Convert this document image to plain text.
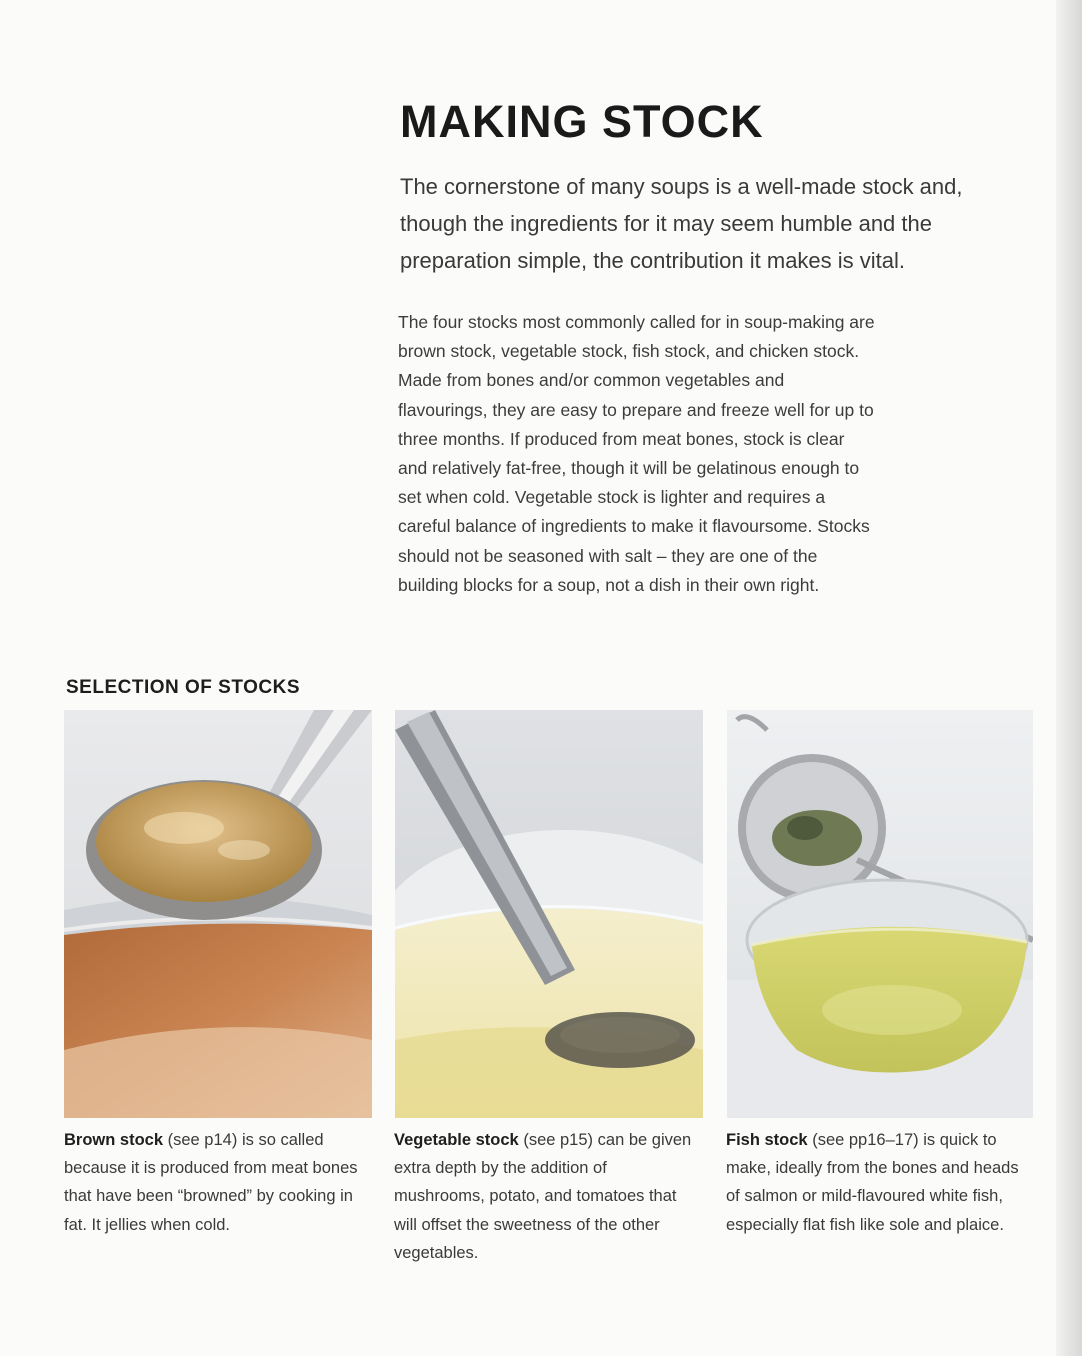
MAKING STOCK

The cornerstone of many soups is a well-made stock and, though the ingredients for it may seem humble and the preparation simple, the contribution it makes is vital.

The four stocks most commonly called for in soup-making are brown stock, vegetable stock, fish stock, and chicken stock. Made from bones and/or common vegetables and flavourings, they are easy to prepare and freeze well for up to three months. If produced from meat bones, stock is clear and relatively fat-free, though it will be gelatinous enough to set when cold. Vegetable stock is lighter and requires a careful balance of ingredients to make it flavoursome. Stocks should not be seasoned with salt – they are one of the building blocks for a soup, not a dish in their own right.

SELECTION OF STOCKS

Brown stock (see p14) is so called because it is produced from meat bones that have been “browned” by cooking in fat. It jellies when cold.

Vegetable stock (see p15) can be given extra depth by the addition of mushrooms, potato, and tomatoes that will offset the sweetness of the other vegetables.

Fish stock (see pp16–17) is quick to make, ideally from the bones and heads of salmon or mild-flavoured white fish, especially flat fish like sole and plaice.
